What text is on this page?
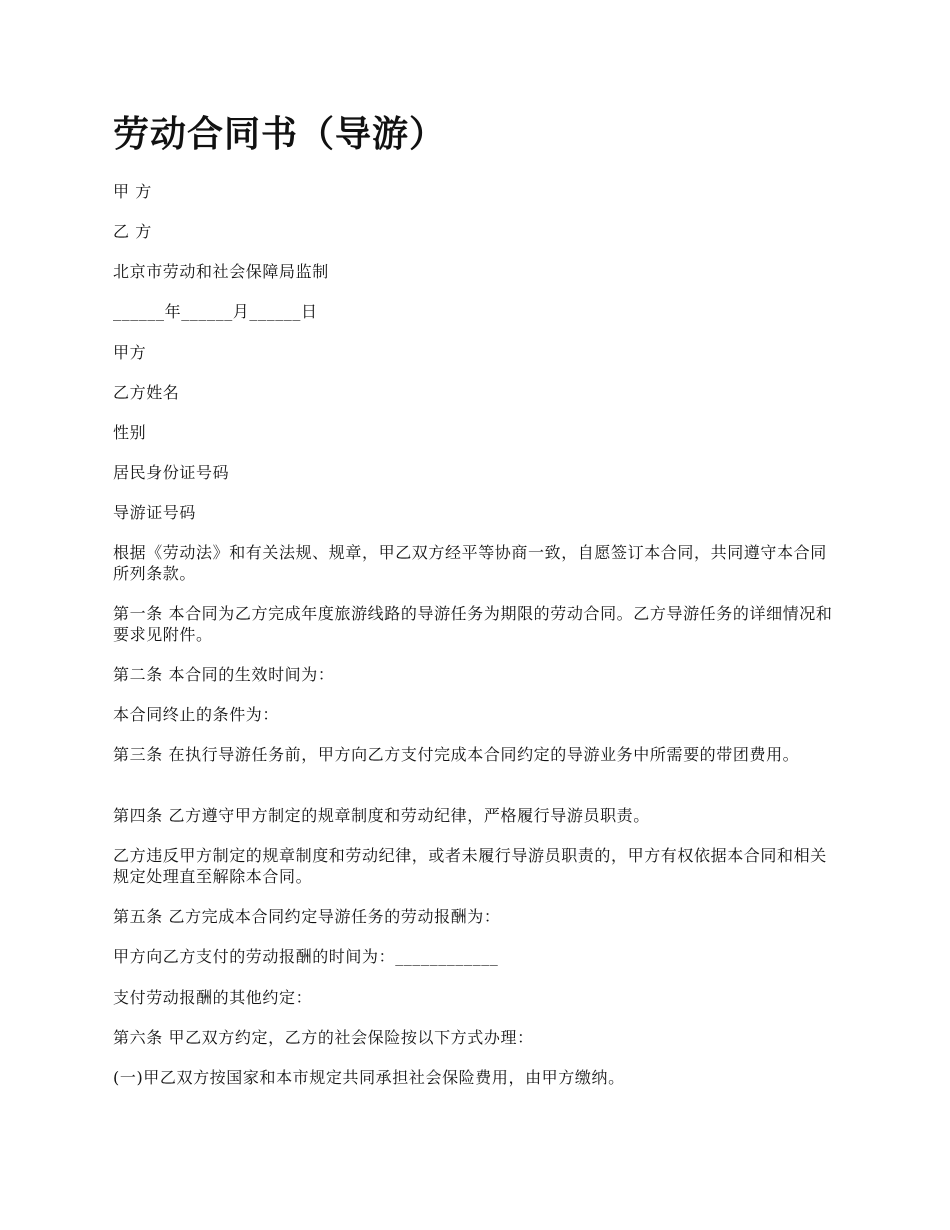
劳动合同书（导游）

甲 方

乙 方

北京市劳动和社会保障局监制

______年______月______日

甲方

乙方姓名

性别

居民身份证号码

导游证号码

根据《劳动法》和有关法规、规章，甲乙双方经平等协商一致，自愿签订本合同，共同遵守本合同所列条款。

第一条 本合同为乙方完成年度旅游线路的导游任务为期限的劳动合同。乙方导游任务的详细情况和要求见附件。

第二条 本合同的生效时间为：

本合同终止的条件为：

第三条 在执行导游任务前，甲方向乙方支付完成本合同约定的导游业务中所需要的带团费用。

第四条 乙方遵守甲方制定的规章制度和劳动纪律，严格履行导游员职责。

乙方违反甲方制定的规章制度和劳动纪律，或者未履行导游员职责的，甲方有权依据本合同和相关规定处理直至解除本合同。

第五条 乙方完成本合同约定导游任务的劳动报酬为：

甲方向乙方支付的劳动报酬的时间为：____________

支付劳动报酬的其他约定：

第六条 甲乙双方约定，乙方的社会保险按以下方式办理：

(一)甲乙双方按国家和本市规定共同承担社会保险费用，由甲方缴纳。
